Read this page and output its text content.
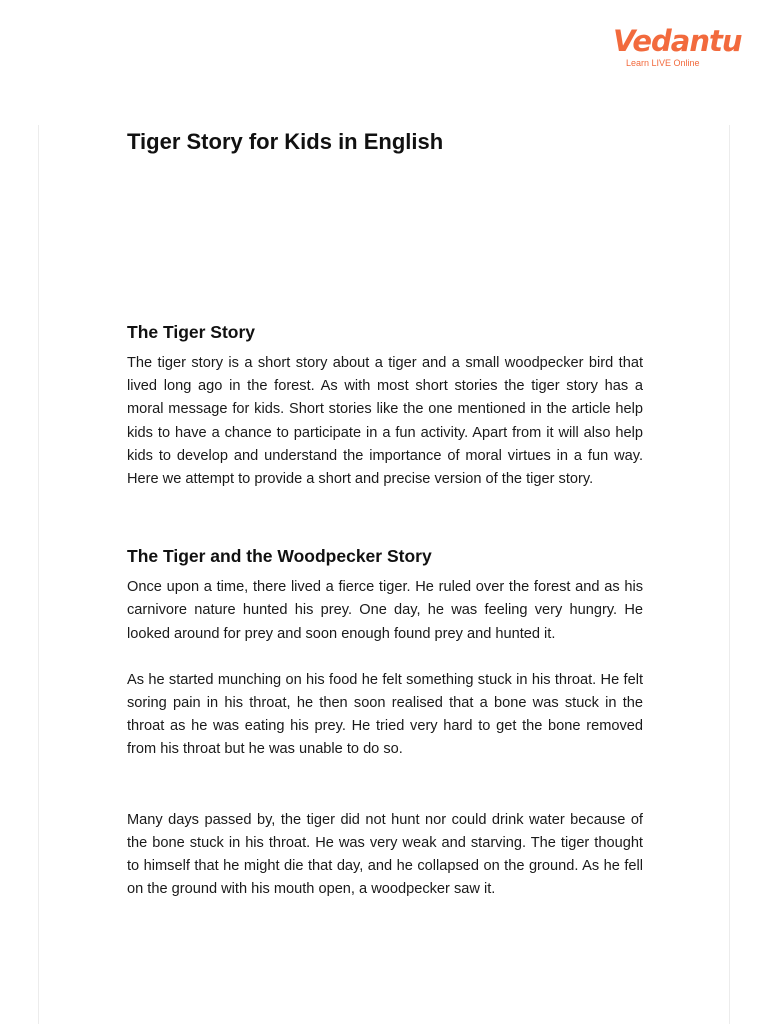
Vedantu
Learn LIVE Online
Tiger Story for Kids in English
The Tiger Story

The tiger story is a short story about a tiger and a small woodpecker bird that lived long ago in the forest. As with most short stories the tiger story has a moral message for kids. Short stories like the one mentioned in the article help kids to have a chance to participate in a fun activity. Apart from it will also help kids to develop and understand the importance of moral virtues in a fun way. Here we attempt to provide a short and precise version of the tiger story.

The Tiger and the Woodpecker Story

Once upon a time, there lived a fierce tiger. He ruled over the forest and as his carnivore nature hunted his prey. One day, he was feeling very hungry. He looked around for prey and soon enough found prey and hunted it.

As he started munching on his food he felt something stuck in his throat. He felt soring pain in his throat, he then soon realised that a bone was stuck in the throat as he was eating his prey. He tried very hard to get the bone removed from his throat but he was unable to do so.

Many days passed by, the tiger did not hunt nor could drink water because of the bone stuck in his throat. He was very weak and starving. The tiger thought to himself that he might die that day, and he collapsed on the ground. As he fell on the ground with his mouth open, a woodpecker saw it.
